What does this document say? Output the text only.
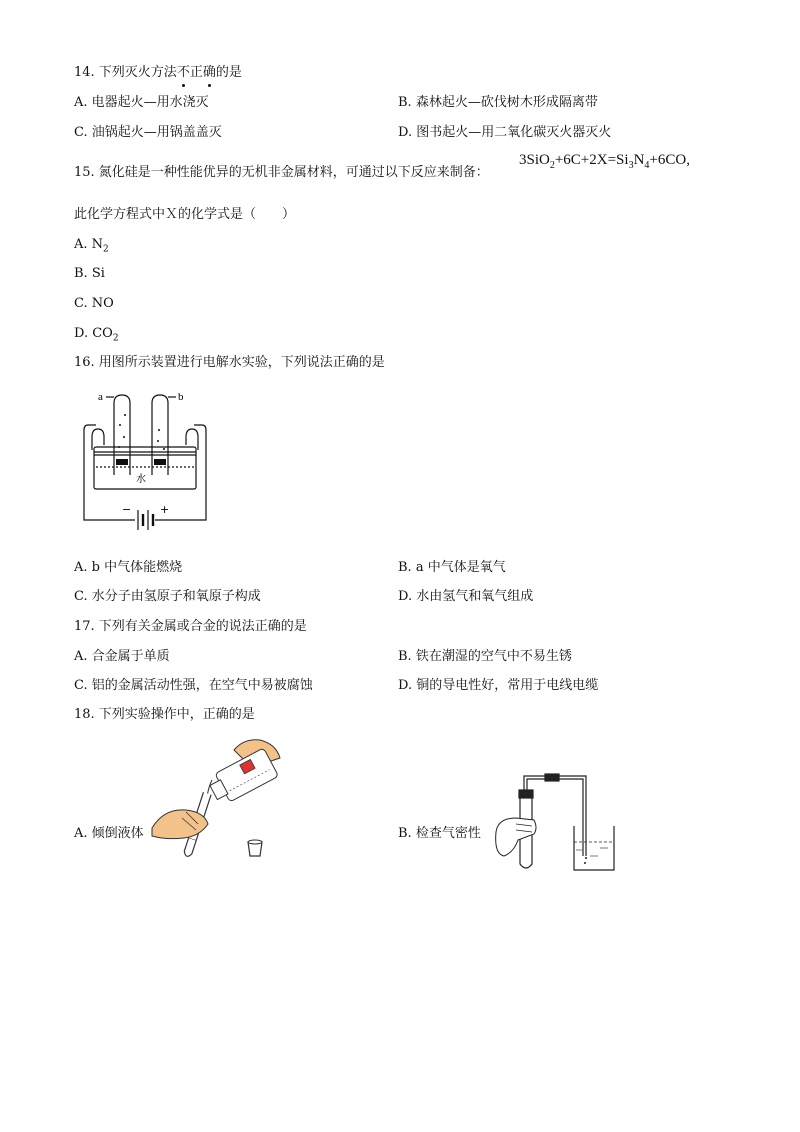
14. 下列灭火方法不正确的是
A. 电器起火—用水浇灭	B. 森林起火—砍伐树木形成隔离带
C. 油锅起火—用锅盖盖灭	D. 图书起火—用二氧化碳灭火器灭火
15. 氮化硅是一种性能优异的无机非金属材料，可通过以下反应来制备：
$3SiO_2+6C+2X=Si_3N_4+6CO$,
此化学方程式中Ｘ的化学式是（　　）
A. $N_2$
B. Si
C. NO
D. $CO_2$
16. 用图所示装置进行电解水实验，下列说法正确的是
a	b
水
−	+
A. b 中气体能燃烧	B. a 中气体是氧气
C. 水分子由氢原子和氧原子构成	D. 水由氢气和氧气组成
17. 下列有关金属或合金的说法正确的是
A. 合金属于单质	B. 铁在潮湿的空气中不易生锈
C. 铝的金属活动性强，在空气中易被腐蚀	D. 铜的导电性好，常用于电线电缆
18. 下列实验操作中，正确的是
A. 倾倒液体	B. 检查气密性
